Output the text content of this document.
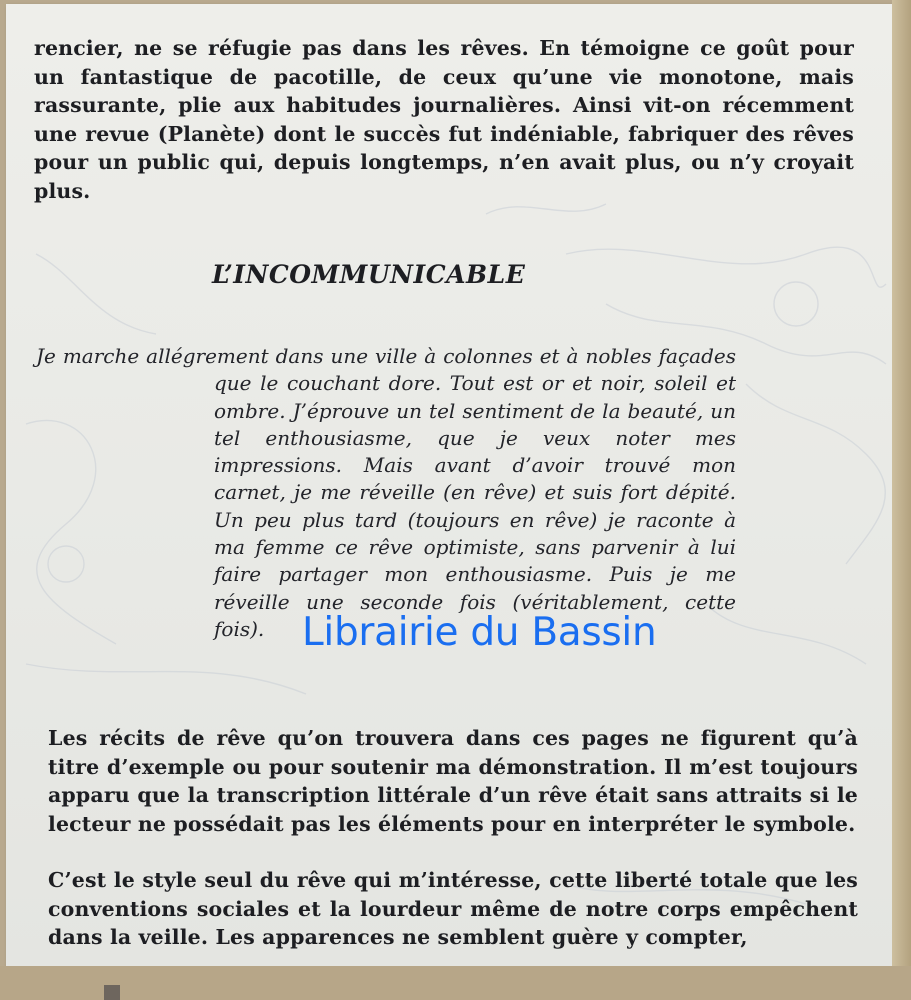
rencier, ne se réfugie pas dans les rêves. En témoigne ce goût pour un fantastique de pacotille, de ceux qu’une vie monotone, mais rassurante, plie aux habitudes journalières. Ainsi vit-on récemment une revue (Planète) dont le succès fut indéniable, fabriquer des rêves pour un public qui, depuis longtemps, n’en avait plus, ou n’y croyait plus.

L’INCOMMUNICABLE

Je marche allégrement dans une ville à colonnes et à nobles façades que le couchant dore. Tout est or et noir, soleil et ombre. J’éprouve un tel sentiment de la beauté, un tel enthousiasme, que je veux noter mes impressions. Mais avant d’avoir trouvé mon carnet, je me réveille (en rêve) et suis fort dépité. Un peu plus tard (toujours en rêve) je raconte à ma femme ce rêve optimiste, sans parvenir à lui faire partager mon enthousiasme. Puis je me réveille une seconde fois (véritablement, cette fois).

Les récits de rêve qu’on trouvera dans ces pages ne figurent qu’à titre d’exemple ou pour soutenir ma démonstration. Il m’est toujours apparu que la transcription littérale d’un rêve était sans attraits si le lecteur ne possédait pas les éléments pour en interpréter le symbole.

C’est le style seul du rêve qui m’intéresse, cette liberté totale que les conventions sociales et la lourdeur même de notre corps empêchent dans la veille. Les apparences ne semblent guère y compter,

Librairie du Bassin
